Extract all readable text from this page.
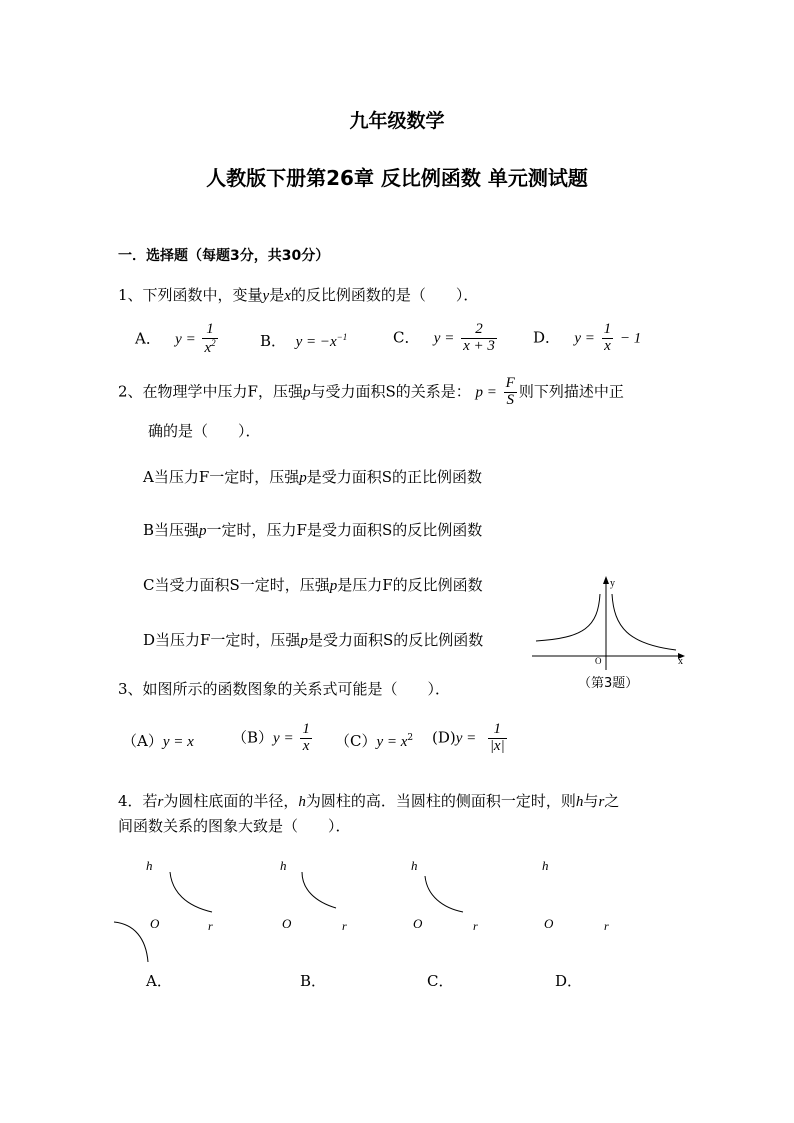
九年级数学
人教版下册第26章 反比例函数 单元测试题
一．选择题（每题3分，共30分）
1、下列函数中，变量y是x的反比例函数的是（　　）．
A． $y = \frac{1}{x^2}$	B． $y = -x^{-1}$	C． $y = \frac{2}{x + 3}$ D． $y = \frac{1}{x} - 1$
2、在物理学中压力F，压强p与受力面积S的关系是： $p = \frac{F}{S}$ 则下列描述中正
确的是（　　）．
A当压力F一定时，压强p是受力面积S的正比例函数
B当压强p一定时，压力F是受力面积S的反比例函数
C当受力面积S一定时，压强p是压力F的反比例函数
D当压力F一定时，压强p是受力面积S的反比例函数
y
x
O
（第3题）
3、如图所示的函数图象的关系式可能是（　　）．
（A）y = x	$(B)y = \frac{1}{x} (C)y = x^2$ $(D)y = \frac{1}{|x|}$
4．若r为圆柱底面的半径，h为圆柱的高．当圆柱的侧面积一定时，则h与r之
间函数关系的图象大致是（　　）．
h
O	r
h
O	r
h
O	r
h
O	r
A．	B．	C．	D．
